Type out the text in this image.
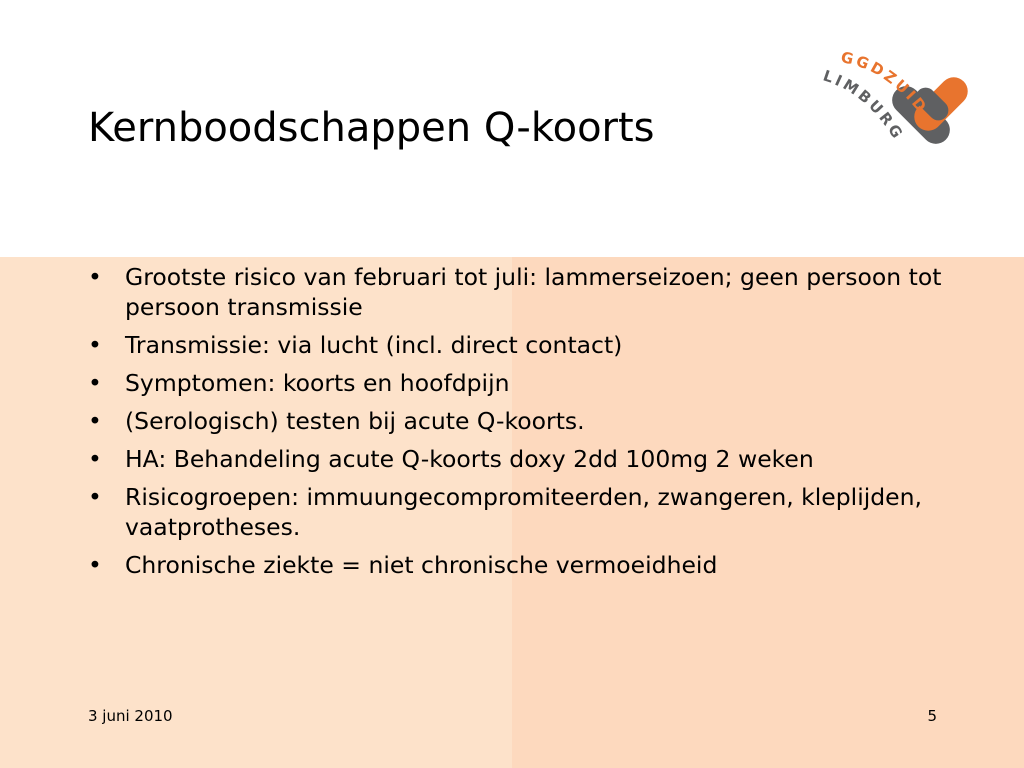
Kernboodschappen Q-koorts
GGDZUID
LIMBURG
• Grootste risico van februari tot juli: lammerseizoen; geen persoon tot persoon transmissie
• Transmissie: via lucht (incl. direct contact)
• Symptomen: koorts en hoofdpijn
• (Serologisch) testen bij acute Q-koorts.
• HA: Behandeling acute Q-koorts doxy 2dd 100mg 2 weken
• Risicogroepen: immuungecompromiteerden, zwangeren, kleplijden, vaatprotheses.
• Chronische ziekte = niet chronische vermoeidheid
3 juni 2010	5
